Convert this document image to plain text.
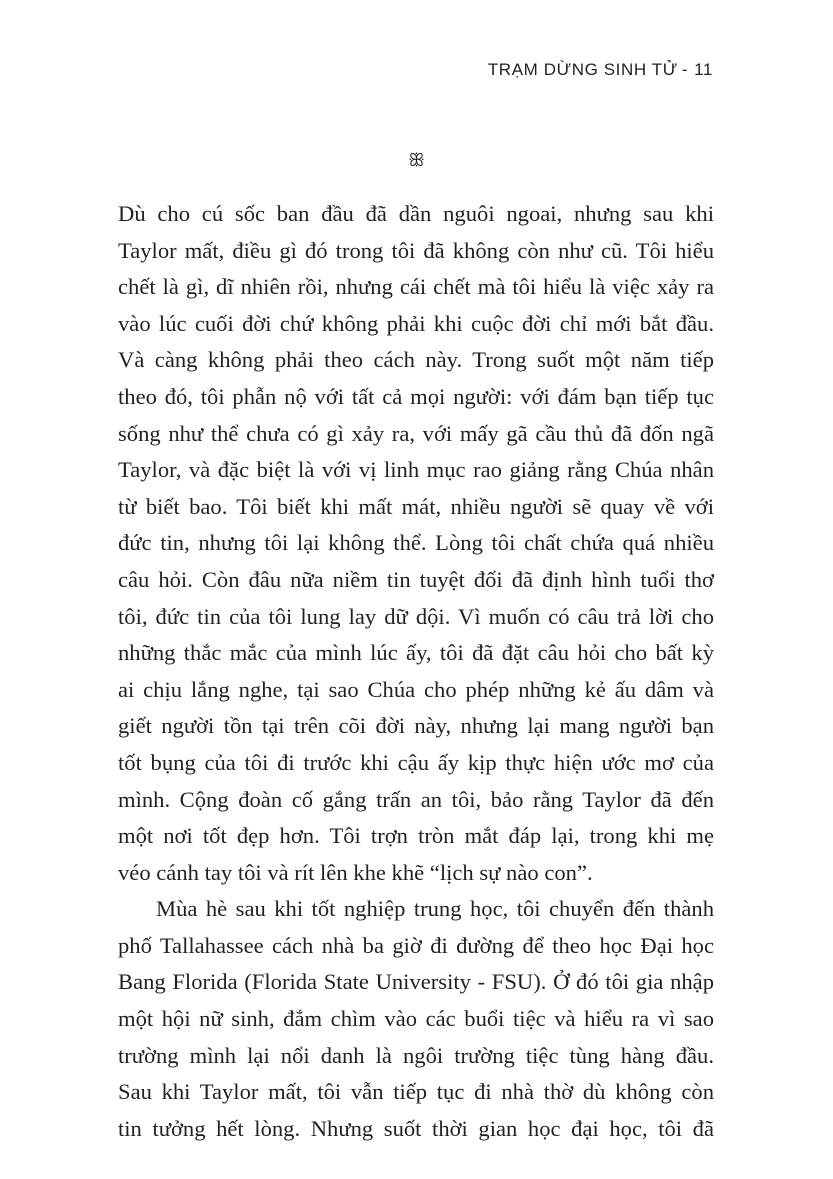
TRẠM DỪNG SINH TỬ - 11
ꕥ

Dù cho cú sốc ban đầu đã dần nguôi ngoai, nhưng sau khi
Taylor mất, điều gì đó trong tôi đã không còn như cũ. Tôi hiểu
chết là gì, dĩ nhiên rồi, nhưng cái chết mà tôi hiểu là việc xảy ra
vào lúc cuối đời chứ không phải khi cuộc đời chỉ mới bắt đầu.
Và càng không phải theo cách này. Trong suốt một năm tiếp
theo đó, tôi phẫn nộ với tất cả mọi người: với đám bạn tiếp tục
sống như thể chưa có gì xảy ra, với mấy gã cầu thủ đã đốn ngã
Taylor, và đặc biệt là với vị linh mục rao giảng rằng Chúa nhân
từ biết bao. Tôi biết khi mất mát, nhiều người sẽ quay về với
đức tin, nhưng tôi lại không thể. Lòng tôi chất chứa quá nhiều
câu hỏi. Còn đâu nữa niềm tin tuyệt đối đã định hình tuổi thơ
tôi, đức tin của tôi lung lay dữ dội. Vì muốn có câu trả lời cho
những thắc mắc của mình lúc ấy, tôi đã đặt câu hỏi cho bất kỳ
ai chịu lắng nghe, tại sao Chúa cho phép những kẻ ấu dâm và
giết người tồn tại trên cõi đời này, nhưng lại mang người bạn
tốt bụng của tôi đi trước khi cậu ấy kịp thực hiện ước mơ của
mình. Cộng đoàn cố gắng trấn an tôi, bảo rằng Taylor đã đến
một nơi tốt đẹp hơn. Tôi trợn tròn mắt đáp lại, trong khi mẹ
véo cánh tay tôi và rít lên khe khẽ “lịch sự nào con”.

Mùa hè sau khi tốt nghiệp trung học, tôi chuyển đến thành
phố Tallahassee cách nhà ba giờ đi đường để theo học Đại học
Bang Florida (Florida State University - FSU). Ở đó tôi gia nhập
một hội nữ sinh, đắm chìm vào các buổi tiệc và hiểu ra vì sao
trường mình lại nổi danh là ngôi trường tiệc tùng hàng đầu.
Sau khi Taylor mất, tôi vẫn tiếp tục đi nhà thờ dù không còn
tin tưởng hết lòng. Nhưng suốt thời gian học đại học, tôi đã
